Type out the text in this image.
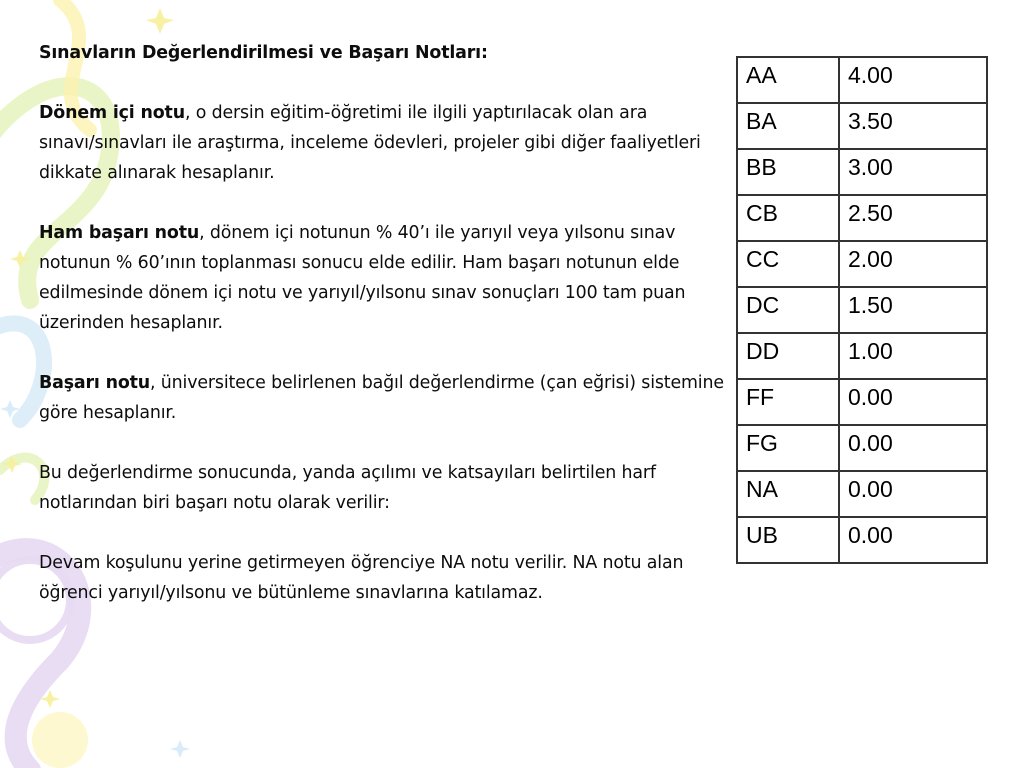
Sınavların Değerlendirilmesi ve Başarı Notları:

Dönem içi notu, o dersin eğitim-öğretimi ile ilgili yaptırılacak olan ara sınavı/sınavları ile araştırma, inceleme ödevleri, projeler gibi diğer faaliyetleri dikkate alınarak hesaplanır.

Ham başarı notu, dönem içi notunun % 40’ı ile yarıyıl veya yılsonu sınav notunun % 60’ının toplanması sonucu elde edilir. Ham başarı notunun elde edilmesinde dönem içi notu ve yarıyıl/yılsonu sınav sonuçları 100 tam puan üzerinden hesaplanır.

Başarı notu, üniversitece belirlenen bağıl değerlendirme (çan eğrisi) sistemine göre hesaplanır.

Bu değerlendirme sonucunda, yanda açılımı ve katsayıları belirtilen harf notlarından biri başarı notu olarak verilir:

Devam koşulunu yerine getirmeyen öğrenciye NA notu verilir. NA notu alan öğrenci yarıyıl/yılsonu ve bütünleme sınavlarına katılamaz.

AA	4.00
BA	3.50
BB	3.00
CB	2.50
CC	2.00
DC	1.50
DD	1.00
FF	0.00
FG	0.00
NA	0.00
UB	0.00
